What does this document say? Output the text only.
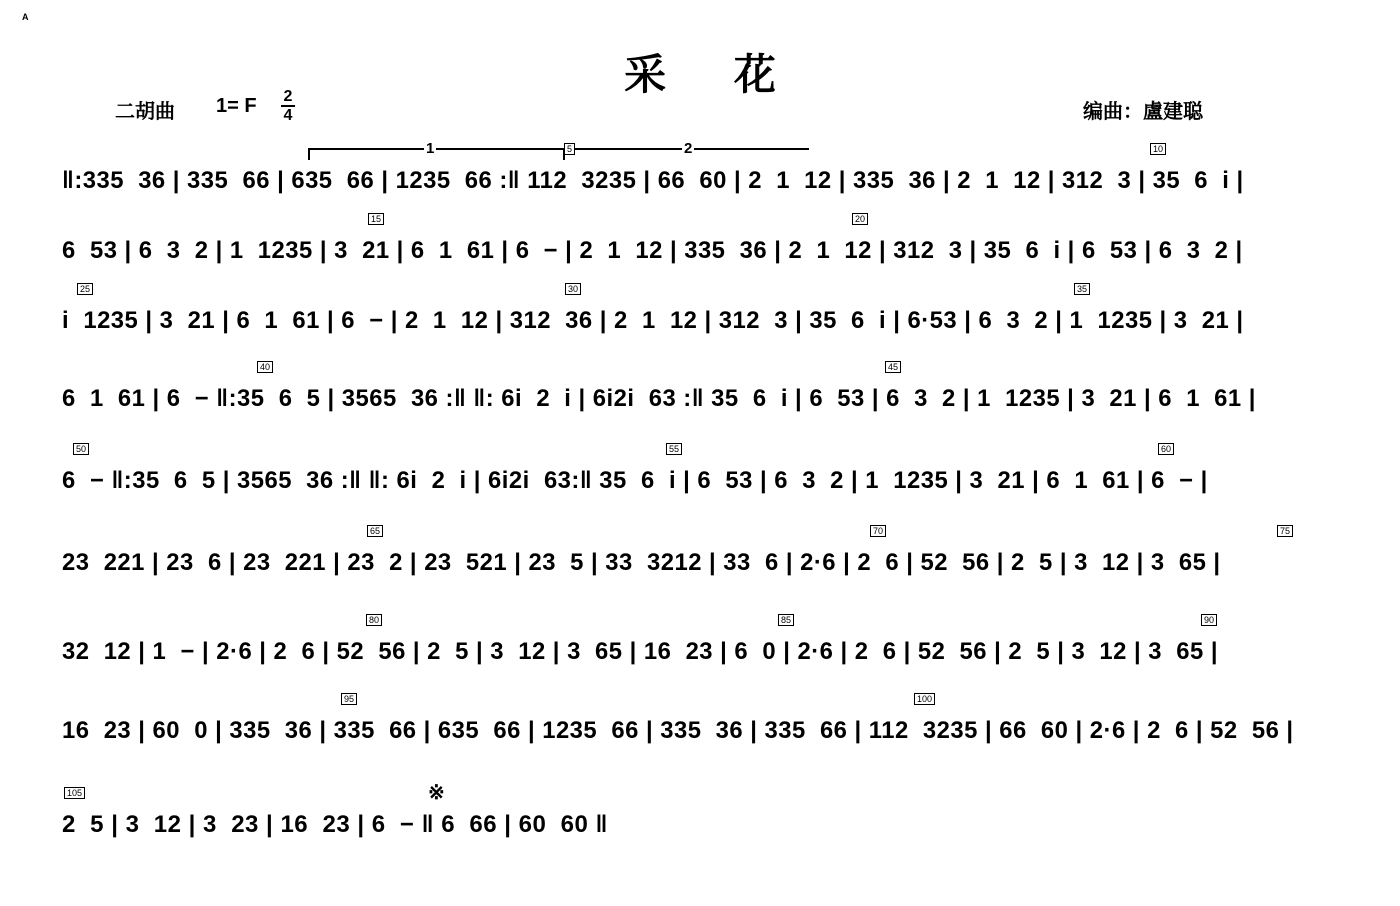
A
采 花
二胡曲 1= F $\frac{2}{4}$	编曲：盧建聪
1	2
‖:335  36 | 335  66 | 635  66 | 1235  66 :‖ 112  3235 | 66  60 | 2  1  12 | 335  36 | 2  1  12 | 312  3 | 35  6  i |
5	10
6  53 | 6  3  2 | 1  1235 | 3  21 | 6  1  61 | 6  − | 2  1  12 | 335  36 | 2  1  12 | 312  3 | 35  6  i | 6  53 | 6  3  2 |
15	20
i  1235 | 3  21 | 6  1  61 | 6  − | 2  1  12 | 312  36 | 2  1  12 | 312  3 | 35  6  i | 6·53 | 6  3  2 | 1  1235 | 3  21 |
25	30	35
6  1  61 | 6  − ‖:35  6  5 | 3565  36 :‖ ‖: 6i  2  i | 6i2i  63 :‖ 35  6  i | 6  53 | 6  3  2 | 1  1235 | 3  21 | 6  1  61 |
40	45
6  − ‖:35  6  5 | 3565  36 :‖ ‖: 6i  2  i | 6i2i  63:‖ 35  6  i | 6  53 | 6  3  2 | 1  1235 | 3  21 | 6  1  61 | 6  − |
50	55	60
23  221 | 23  6 | 23  221 | 23  2 | 23  521 | 23  5 | 33  3212 | 33  6 | 2·6 | 2  6 | 52  56 | 2  5 | 3  12 | 3  65 |
65	70	75
32  12 | 1  − | 2·6 | 2  6 | 52  56 | 2  5 | 3  12 | 3  65 | 16  23 | 6  0 | 2·6 | 2  6 | 52  56 | 2  5 | 3  12 | 3  65 |
80	85	90
16  23 | 60  0 | 335  36 | 335  66 | 635  66 | 1235  66 | 335  36 | 335  66 | 112  3235 | 66  60 | 2·6 | 2  6 | 52  56 |
95	100
2  5 | 3  12 | 3  23 | 16  23 | 6  − ‖ 6  66 | 60  60 ‖
105	※
